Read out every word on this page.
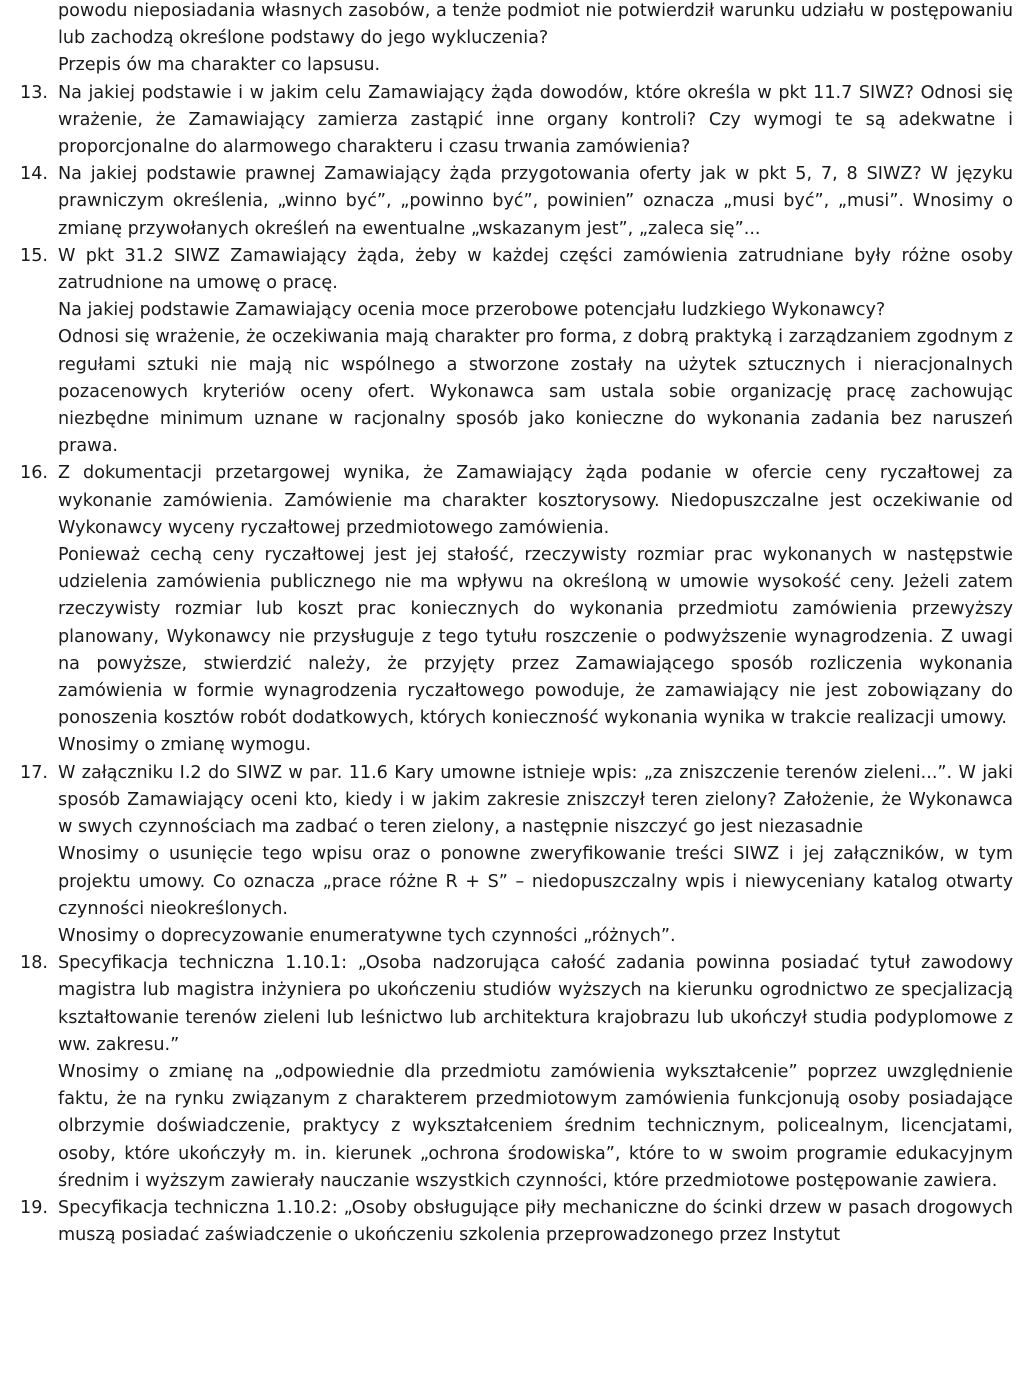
powodu nieposiadania własnych zasobów, a tenże podmiot nie potwierdził warunku udziału w postępowaniu lub zachodzą określone podstawy do jego wykluczenia?

Przepis ów ma charakter co lapsusu.

13. Na jakiej podstawie i w jakim celu Zamawiający żąda dowodów, które określa w pkt 11.7 SIWZ? Odnosi się wrażenie, że Zamawiający zamierza zastąpić inne organy kontroli? Czy wymogi te są adekwatne i proporcjonalne do alarmowego charakteru i czasu trwania zamówienia?

14. Na jakiej podstawie prawnej Zamawiający żąda przygotowania oferty jak w pkt 5, 7, 8 SIWZ? W języku prawniczym określenia, „winno być”, „powinno być”, powinien” oznacza „musi być”, „musi”. Wnosimy o zmianę przywołanych określeń na ewentualne „wskazanym jest”, „zaleca się”...

15. W pkt 31.2 SIWZ Zamawiający żąda, żeby w każdej części zamówienia zatrudniane były różne osoby zatrudnione na umowę o pracę.

Na jakiej podstawie Zamawiający ocenia moce przerobowe potencjału ludzkiego Wykonawcy?

Odnosi się wrażenie, że oczekiwania mają charakter pro forma, z dobrą praktyką i zarządzaniem zgodnym z regułami sztuki nie mają nic wspólnego a stworzone zostały na użytek sztucznych i nieracjonalnych pozacenowych kryteriów oceny ofert. Wykonawca sam ustala sobie organizację pracę zachowując niezbędne minimum uznane w racjonalny sposób jako konieczne do wykonania zadania bez naruszeń prawa.

16. Z dokumentacji przetargowej wynika, że Zamawiający żąda podanie w ofercie ceny ryczałtowej za wykonanie zamówienia. Zamówienie ma charakter kosztorysowy. Niedopuszczalne jest oczekiwanie od Wykonawcy wyceny ryczałtowej przedmiotowego zamówienia.

Ponieważ cechą ceny ryczałtowej jest jej stałość, rzeczywisty rozmiar prac wykonanych w następstwie udzielenia zamówienia publicznego nie ma wpływu na określoną w umowie wysokość ceny. Jeżeli zatem rzeczywisty rozmiar lub koszt prac koniecznych do wykonania przedmiotu zamówienia przewyższy planowany, Wykonawcy nie przysługuje z tego tytułu roszczenie o podwyższenie wynagrodzenia. Z uwagi na powyższe, stwierdzić należy, że przyjęty przez Zamawiającego sposób rozliczenia wykonania zamówienia w formie wynagrodzenia ryczałtowego powoduje, że zamawiający nie jest zobowiązany do ponoszenia kosztów robót dodatkowych, których konieczność wykonania wynika w trakcie realizacji umowy.

Wnosimy o zmianę wymogu.

17. W załączniku I.2 do SIWZ w par. 11.6 Kary umowne istnieje wpis: „za zniszczenie terenów zieleni...”. W jaki sposób Zamawiający oceni kto, kiedy i w jakim zakresie zniszczył teren zielony? Założenie, że Wykonawca w swych czynnościach ma zadbać o teren zielony, a następnie niszczyć go jest niezasadnie

Wnosimy o usunięcie tego wpisu oraz o ponowne zweryfikowanie treści SIWZ i jej załączników, w tym projektu umowy. Co oznacza „prace różne R + S” – niedopuszczalny wpis i niewyceniany katalog otwarty czynności nieokreślonych.

Wnosimy o doprecyzowanie enumeratywne tych czynności „różnych”.

18. Specyfikacja techniczna 1.10.1: „Osoba nadzorująca całość zadania powinna posiadać tytuł zawodowy magistra lub magistra inżyniera po ukończeniu studiów wyższych na kierunku ogrodnictwo ze specjalizacją kształtowanie terenów zieleni lub leśnictwo lub architektura krajobrazu lub ukończył studia podyplomowe z ww. zakresu.”

Wnosimy o zmianę na „odpowiednie dla przedmiotu zamówienia wykształcenie” poprzez uwzględnienie faktu, że na rynku związanym z charakterem przedmiotowym zamówienia funkcjonują osoby posiadające olbrzymie doświadczenie, praktycy z wykształceniem średnim technicznym, policealnym, licencjatami, osoby, które ukończyły m. in. kierunek „ochrona środowiska”, które to w swoim programie edukacyjnym średnim i wyższym zawierały nauczanie wszystkich czynności, które przedmiotowe postępowanie zawiera.

19. Specyfikacja techniczna 1.10.2: „Osoby obsługujące piły mechaniczne do ścinki drzew w pasach drogowych muszą posiadać zaświadczenie o ukończeniu szkolenia przeprowadzonego przez Instytut
